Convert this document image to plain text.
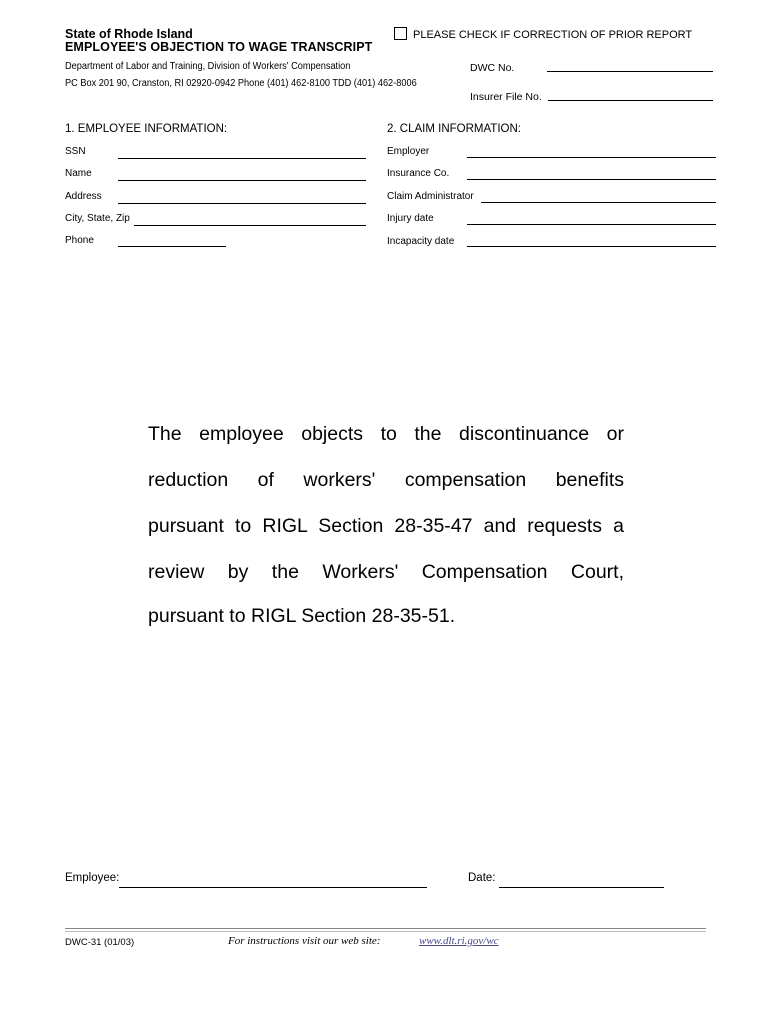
State of Rhode Island
EMPLOYEE'S OBJECTION TO WAGE TRANSCRIPT
Department of Labor and Training, Division of Workers' Compensation
PC Box 201 90, Cranston, RI 02920-0942 Phone (401) 462-8100 TDD (401) 462-8006
PLEASE CHECK IF CORRECTION OF PRIOR REPORT
DWC No.
Insurer File No.
1. EMPLOYEE INFORMATION:
SSN
Name
Address
City, State, Zip
Phone
2. CLAIM INFORMATION:
Employer
Insurance Co.
Claim Administrator
Injury date
Incapacity date
The employee objects to the discontinuance or
reduction of workers' compensation benefits
pursuant to RIGL Section 28-35-47 and requests a
review by the Workers' Compensation Court,
pursuant to RIGL Section 28-35-51.
Employee:	Date:
DWC-31 (01/03)	For instructions visit our web site:	www.dlt.ri.gov/wc
